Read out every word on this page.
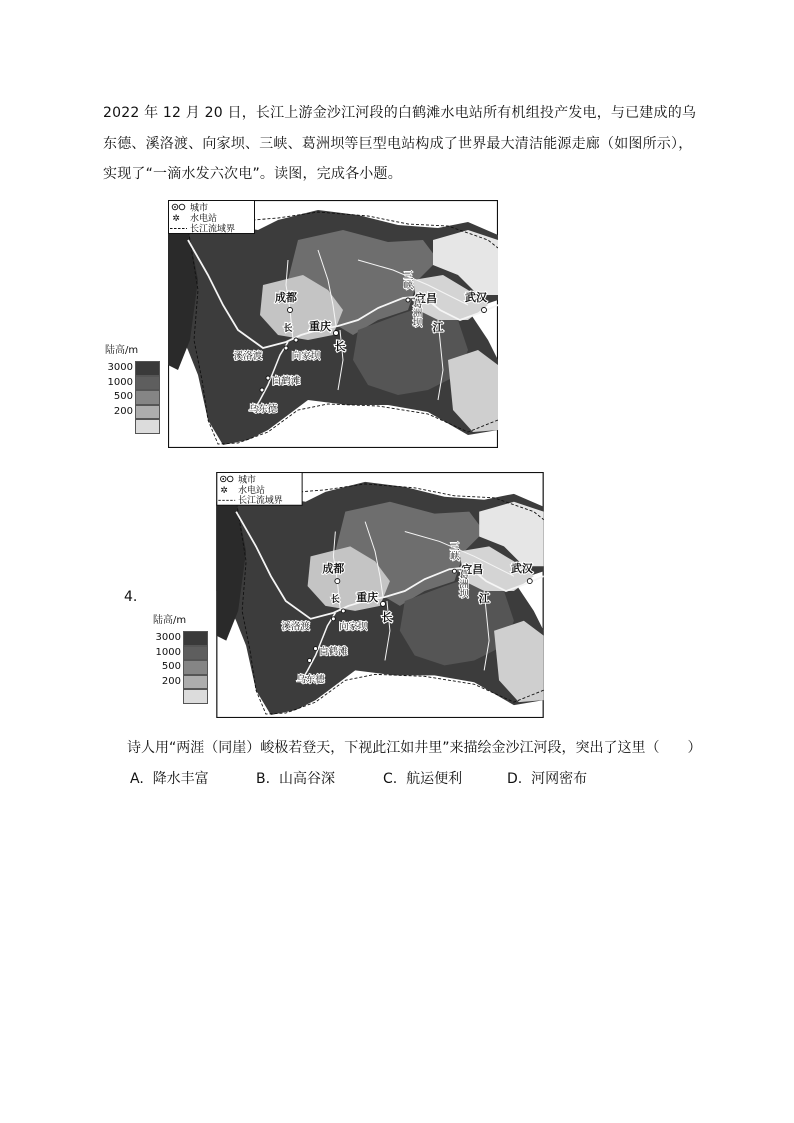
2022 年 12 月 20 日，长江上游金沙江河段的白鹤滩水电站所有机组投产发电，与已建成的乌东德、溪洛渡、向家坝、三峡、葛洲坝等巨型电站构成了世界最大清洁能源走廊（如图所示），实现了“一滴水发六次电”。读图，完成各小题。

城市
✲ 水电站
长江流域界
成都
重庆
宜昌	武汉
江
长
长
三峡
葛洲坝
溪洛渡	向家坝
白鹤滩
乌东德
陆高/m
3000
1000
500
200
城市
✲ 水电站
长江流域界
成都
重庆
宜昌	武汉
江
长
长
三峡
葛洲坝
溪洛渡	向家坝
白鹤滩
乌东德
陆高/m
3000
1000
500
200
4.

诗人用“两涯（同崖）峻极若登天，下视此江如井里”来描绘金沙江河段，突出了这里（　　）

A. 降水丰富	B. 山高谷深	C. 航运便利	D. 河网密布
